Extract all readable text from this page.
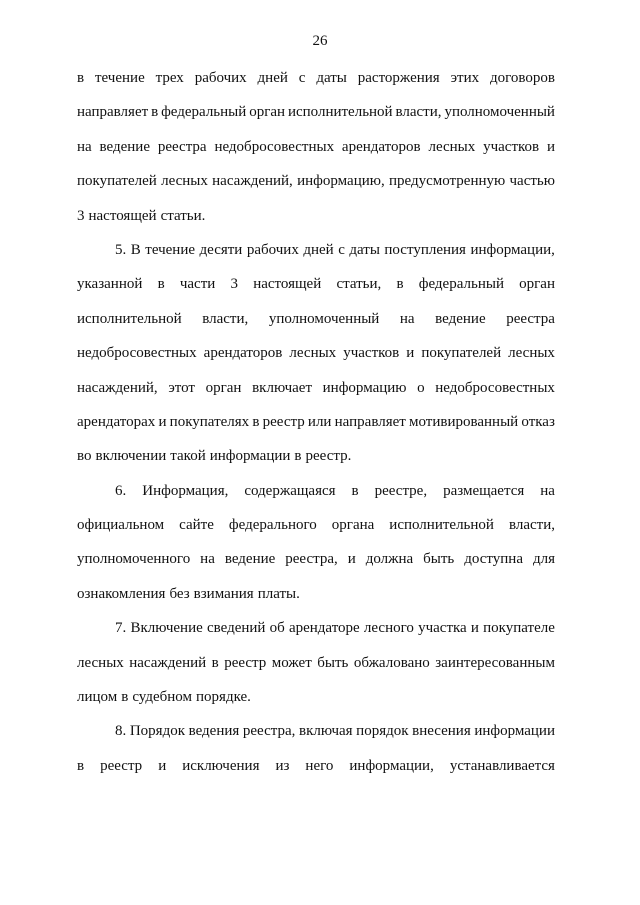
26
в течение трех рабочих дней с даты расторжения этих договоров
направляет в федеральный орган исполнительной власти, уполномоченный
на ведение реестра недобросовестных арендаторов лесных участков и
покупателей лесных насаждений, информацию, предусмотренную частью
3 настоящей статьи.
5. В течение десяти рабочих дней с даты поступления информации,
указанной в части 3 настоящей статьи, в федеральный орган
исполнительной власти, уполномоченный на ведение реестра
недобросовестных арендаторов лесных участков и покупателей лесных
насаждений, этот орган включает информацию о недобросовестных
арендаторах и покупателях в реестр или направляет мотивированный отказ
во включении такой информации в реестр.
6. Информация, содержащаяся в реестре, размещается на
официальном сайте федерального органа исполнительной власти,
уполномоченного на ведение реестра, и должна быть доступна для
ознакомления без взимания платы.
7. Включение сведений об арендаторе лесного участка и покупателе
лесных насаждений в реестр может быть обжаловано заинтересованным
лицом в судебном порядке.
8. Порядок ведения реестра, включая порядок внесения информации
в реестр и исключения из него информации, устанавливается
